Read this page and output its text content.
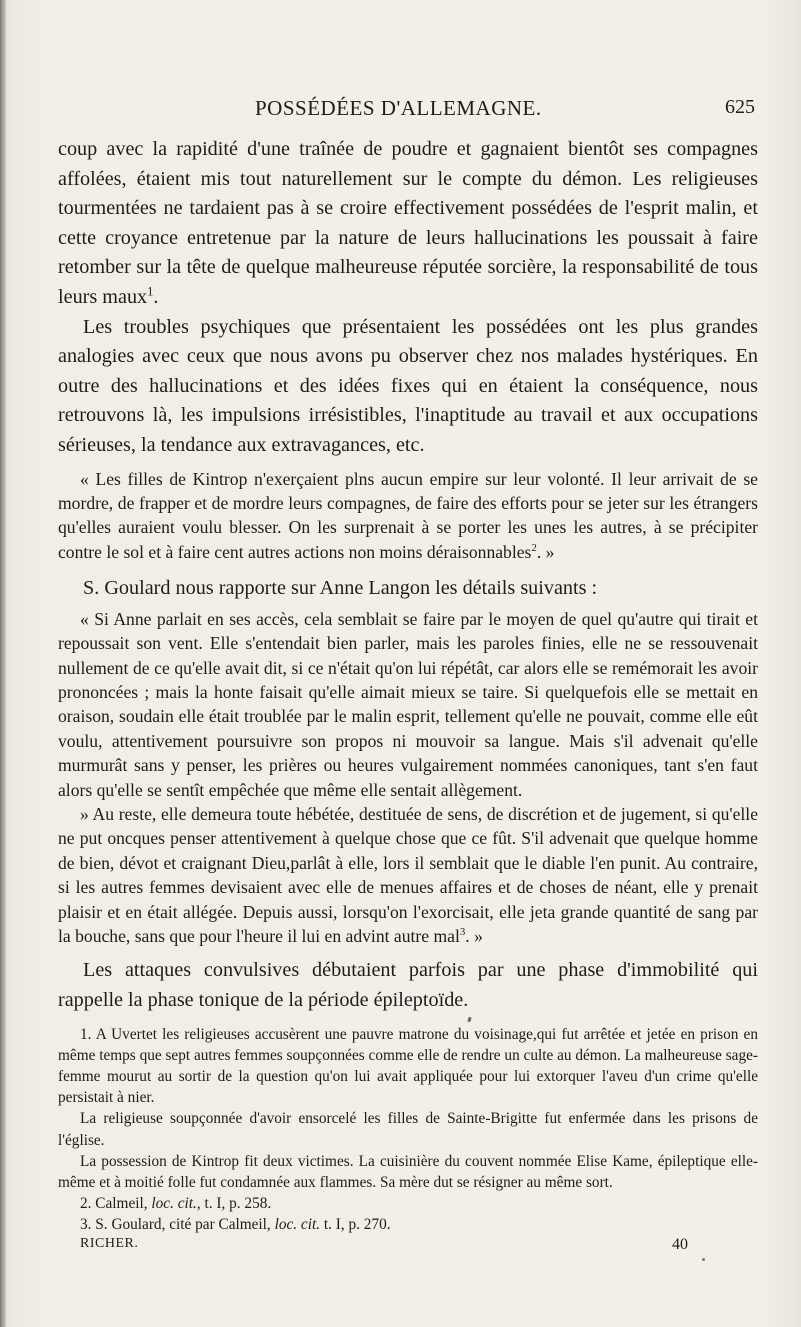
POSSÉDÉES D'ALLEMAGNE.	625

coup avec la rapidité d'une traînée de poudre et gagnaient bientôt ses compagnes affolées, étaient mis tout naturellement sur le compte du démon. Les religieuses tourmentées ne tardaient pas à se croire effectivement possédées de l'esprit malin, et cette croyance entretenue par la nature de leurs hallucinations les poussait à faire retomber sur la tête de quelque malheureuse réputée sorcière, la responsabilité de tous leurs maux$^1$.

Les troubles psychiques que présentaient les possédées ont les plus grandes analogies avec ceux que nous avons pu observer chez nos malades hystériques. En outre des hallucinations et des idées fixes qui en étaient la conséquence, nous retrouvons là, les impulsions irrésistibles, l'inaptitude au travail et aux occupations sérieuses, la tendance aux extravagances, etc.

« Les filles de Kintrop n'exerçaient plns aucun empire sur leur volonté. Il leur arrivait de se mordre, de frapper et de mordre leurs compagnes, de faire des efforts pour se jeter sur les étrangers qu'elles auraient voulu blesser. On les surprenait à se porter les unes les autres, à se précipiter contre le sol et à faire cent autres actions non moins déraisonnables$^2$. »

S. Goulard nous rapporte sur Anne Langon les détails suivants :

« Si Anne parlait en ses accès, cela semblait se faire par le moyen de quel qu'autre qui tirait et repoussait son vent. Elle s'entendait bien parler, mais les paroles finies, elle ne se ressouvenait nullement de ce qu'elle avait dit, si ce n'était qu'on lui répétât, car alors elle se remémorait les avoir prononcées ; mais la honte faisait qu'elle aimait mieux se taire. Si quelquefois elle se mettait en oraison, soudain elle était troublée par le malin esprit, tellement qu'elle ne pouvait, comme elle eût voulu, attentivement poursuivre son propos ni mouvoir sa langue. Mais s'il advenait qu'elle murmurât sans y penser, les prières ou heures vulgairement nommées canoniques, tant s'en faut alors qu'elle se sentît empêchée que même elle sentait allègement.

» Au reste, elle demeura toute hébétée, destituée de sens, de discrétion et de jugement, si qu'elle ne put oncques penser attentivement à quelque chose que ce fût. S'il advenait que quelque homme de bien, dévot et craignant Dieu,parlât à elle, lors il semblait que le diable l'en punit. Au contraire, si les autres femmes devisaient avec elle de menues affaires et de choses de néant, elle y prenait plaisir et en était allégée. Depuis aussi, lorsqu'on l'exorcisait, elle jeta grande quantité de sang par la bouche, sans que pour l'heure il lui en advint autre mal$^3$. »

Les attaques convulsives débutaient parfois par une phase d'immobilité qui rappelle la phase tonique de la période épileptoïde.

1. A Uvertet les religieuses accusèrent une pauvre matrone du voisinage,qui fut arrêtée et jetée en prison en même temps que sept autres femmes soupçonnées comme elle de rendre un culte au démon. La malheureuse sage-femme mourut au sortir de la question qu'on lui avait appliquée pour lui extorquer l'aveu d'un crime qu'elle persistait à nier.

La religieuse soupçonnée d'avoir ensorcelé les filles de Sainte-Brigitte fut enfermée dans les prisons de l'église.

La possession de Kintrop fit deux victimes. La cuisinière du couvent nommée Elise Kame, épileptique elle-même et à moitié folle fut condamnée aux flammes. Sa mère dut se résigner au même sort.

2. Calmeil, loc. cit., t. I, p. 258.

3. S. Goulard, cité par Calmeil, loc. cit. t. I, p. 270.

RICHER.	40
